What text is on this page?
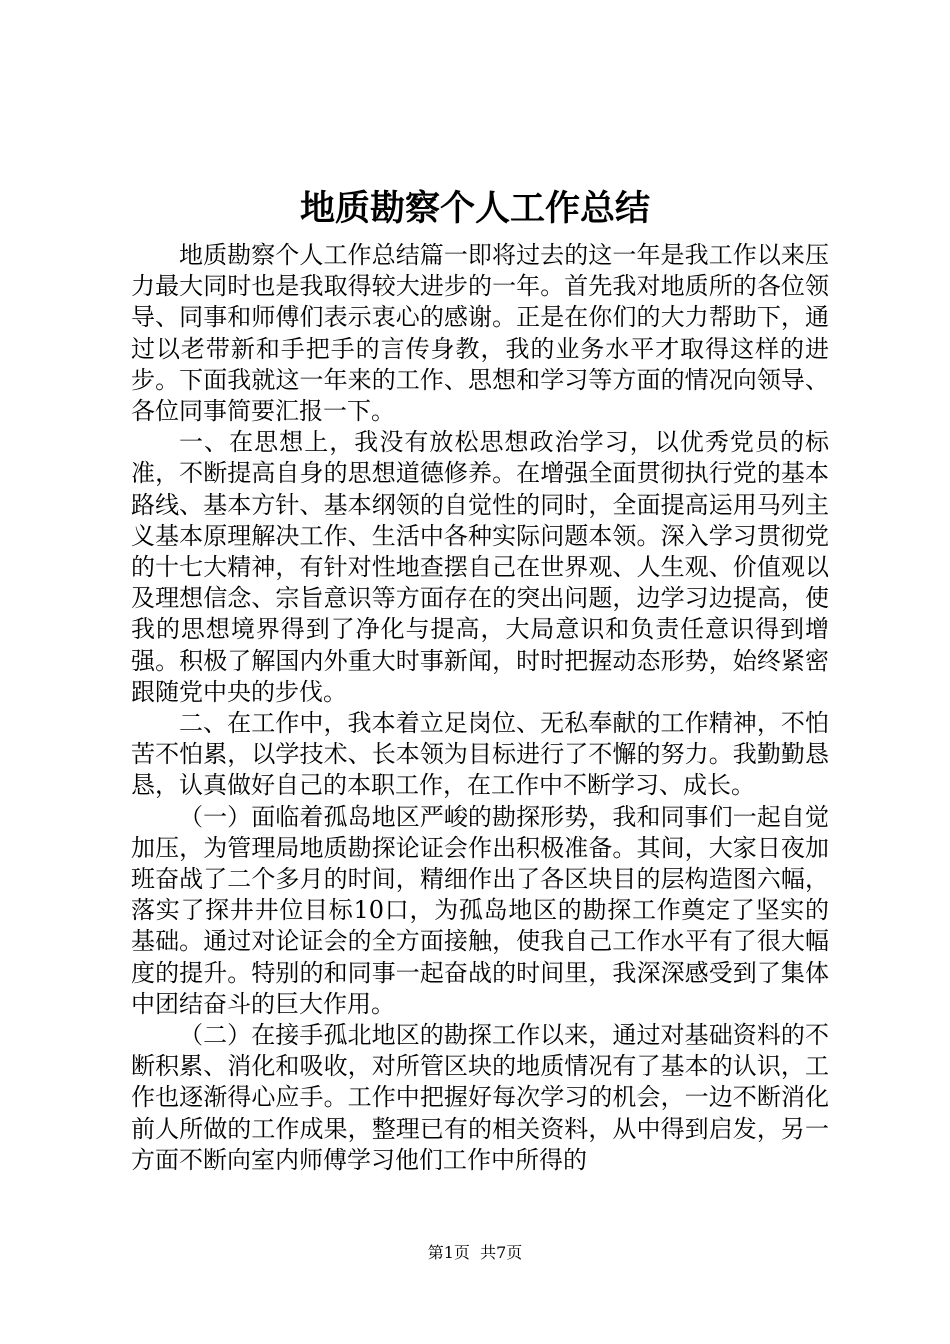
地质勘察个人工作总结

地质勘察个人工作总结篇一即将过去的这一年是我工作以来压力最大同时也是我取得较大进步的一年。首先我对地质所的各位领导、同事和师傅们表示衷心的感谢。正是在你们的大力帮助下，通过以老带新和手把手的言传身教，我的业务水平才取得这样的进步。下面我就这一年来的工作、思想和学习等方面的情况向领导、各位同事简要汇报一下。

一、在思想上，我没有放松思想政治学习，以优秀党员的标准，不断提高自身的思想道德修养。在增强全面贯彻执行党的基本路线、基本方针、基本纲领的自觉性的同时，全面提高运用马列主义基本原理解决工作、生活中各种实际问题本领。深入学习贯彻党的十七大精神，有针对性地查摆自己在世界观、人生观、价值观以及理想信念、宗旨意识等方面存在的突出问题，边学习边提高，使我的思想境界得到了净化与提高，大局意识和负责任意识得到增强。积极了解国内外重大时事新闻，时时把握动态形势，始终紧密跟随党中央的步伐。

二、在工作中，我本着立足岗位、无私奉献的工作精神，不怕苦不怕累，以学技术、长本领为目标进行了不懈的努力。我勤勤恳恳，认真做好自己的本职工作，在工作中不断学习、成长。

（一）面临着孤岛地区严峻的勘探形势，我和同事们一起自觉加压，为管理局地质勘探论证会作出积极准备。其间，大家日夜加班奋战了二个多月的时间，精细作出了各区块目的层构造图六幅，落实了探井井位目标10口，为孤岛地区的勘探工作奠定了坚实的基础。通过对论证会的全方面接触，使我自己工作水平有了很大幅度的提升。特别的和同事一起奋战的时间里，我深深感受到了集体中团结奋斗的巨大作用。

（二）在接手孤北地区的勘探工作以来，通过对基础资料的不断积累、消化和吸收，对所管区块的地质情况有了基本的认识，工作也逐渐得心应手。工作中把握好每次学习的机会，一边不断消化前人所做的工作成果，整理已有的相关资料，从中得到启发，另一方面不断向室内师傅学习他们工作中所得的

第1页 共7页
